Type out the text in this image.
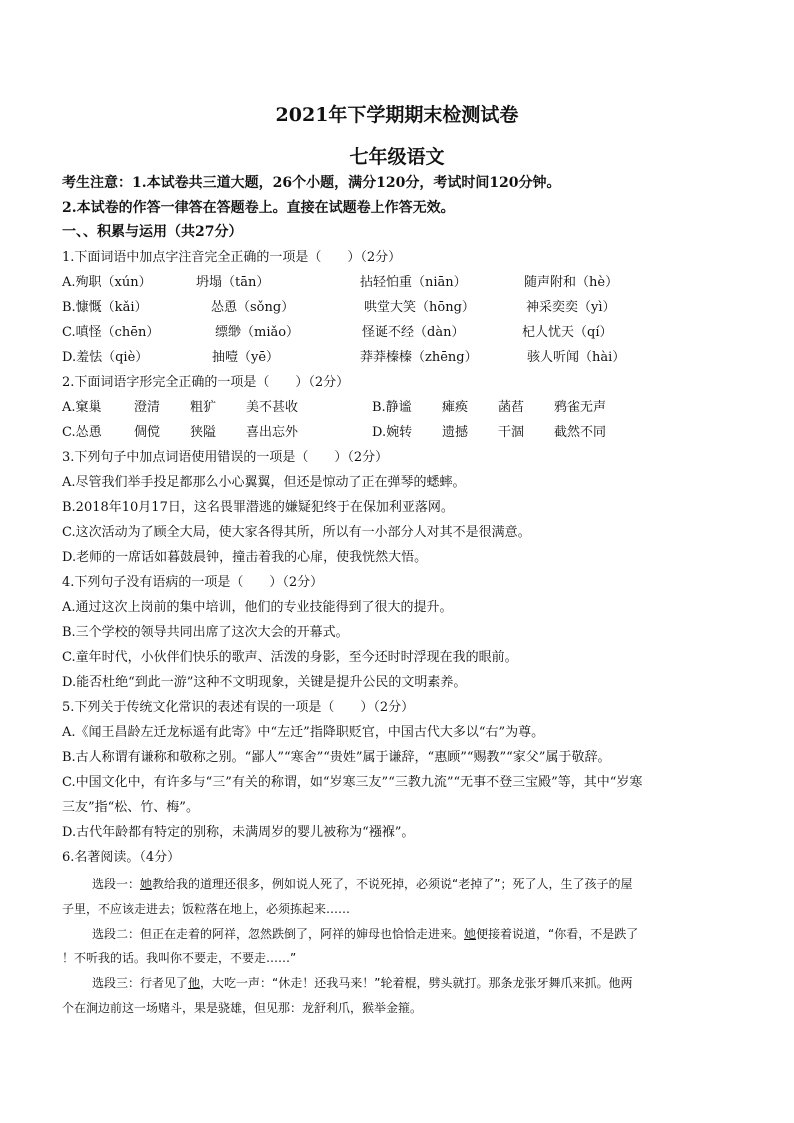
2021年下学期期末检测试卷
七年级语文
考生注意：1.本试卷共三道大题，26个小题，满分120分，考试时间120分钟。
2.本试卷的作答一律答在答题卷上。直接在试题卷上作答无效。
一、、积累与运用（共27分）
1.下面词语中加点字注音完全正确的一项是（　　）（2分）
A.殉职（xún）	坍塌（tān）	拈轻怕重（niān）	随声附和（hè）
B.慷慨（kǎi）	怂恿（sǒng）	哄堂大笑（hōng）	神采奕奕（yì）
C.嗔怪（chēn）	缥缈（miǎo）	怪诞不经（dàn）	杞人忧天（qí）
D.羞怯（qiè）	抽噎（yē）	莽莽榛榛（zhēng）	骇人听闻（hài）
2.下面词语字形完全正确的一项是（　　）（2分）
A.窠巢 澄清 粗犷 美不甚收	B.静谧 瘫痪 菡萏 鸦雀无声
C.怂恿 倜傥 狭隘 喜出忘外	D.婉转 遗撼 干涸 截然不同
3.下列句子中加点词语使用错误的一项是（　　）（2分）
A.尽管我们举手投足都那么小心翼翼，但还是惊动了正在弹琴的蟋蟀。
B.2018年10月17日，这名畏罪潜逃的嫌疑犯终于在保加利亚落网。
C.这次活动为了顾全大局，使大家各得其所，所以有一小部分人对其不是很满意。
D.老师的一席话如暮鼓晨钟，撞击着我的心扉，使我恍然大悟。
4.下列句子没有语病的一项是（　　）（2分）
A.通过这次上岗前的集中培训，他们的专业技能得到了很大的提升。
B.三个学校的领导共同出席了这次大会的开幕式。
C.童年时代，小伙伴们快乐的歌声、活泼的身影，至今还时时浮现在我的眼前。
D.能否杜绝“到此一游”这种不文明现象，关键是提升公民的文明素养。
5.下列关于传统文化常识的表述有误的一项是（　　）（2分）
A.《闻王昌龄左迁龙标遥有此寄》中“左迁”指降职贬官，中国古代大多以“右”为尊。
B.古人称谓有谦称和敬称之别。“鄙人”“寒舍”“贵姓”属于谦辞，“惠顾”“赐教”“家父”属于敬辞。
C.中国文化中，有许多与“三”有关的称谓，如“岁寒三友”“三教九流”“无事不登三宝殿”等，其中“岁寒
三友”指“松、竹、梅”。
D.古代年龄都有特定的别称，未满周岁的婴儿被称为“襁褓”。
6.名著阅读。（4分）
选段一：她教给我的道理还很多，例如说人死了，不说死掉，必须说“老掉了”；死了人，生了孩子的屋
子里，不应该走进去；饭粒落在地上，必须拣起来……
选段二：但正在走着的阿祥，忽然跌倒了，阿祥的婶母也恰恰走进来。她便接着说道，“你看，不是跌了
！不听我的话。我叫你不要走，不要走……”
选段三：行者见了他，大吃一声：“休走！还我马来！”轮着棍，劈头就打。那条龙张牙舞爪来抓。他两
个在涧边前这一场赌斗，果是骁雄，但见那：龙舒利爪，猴举金箍。
